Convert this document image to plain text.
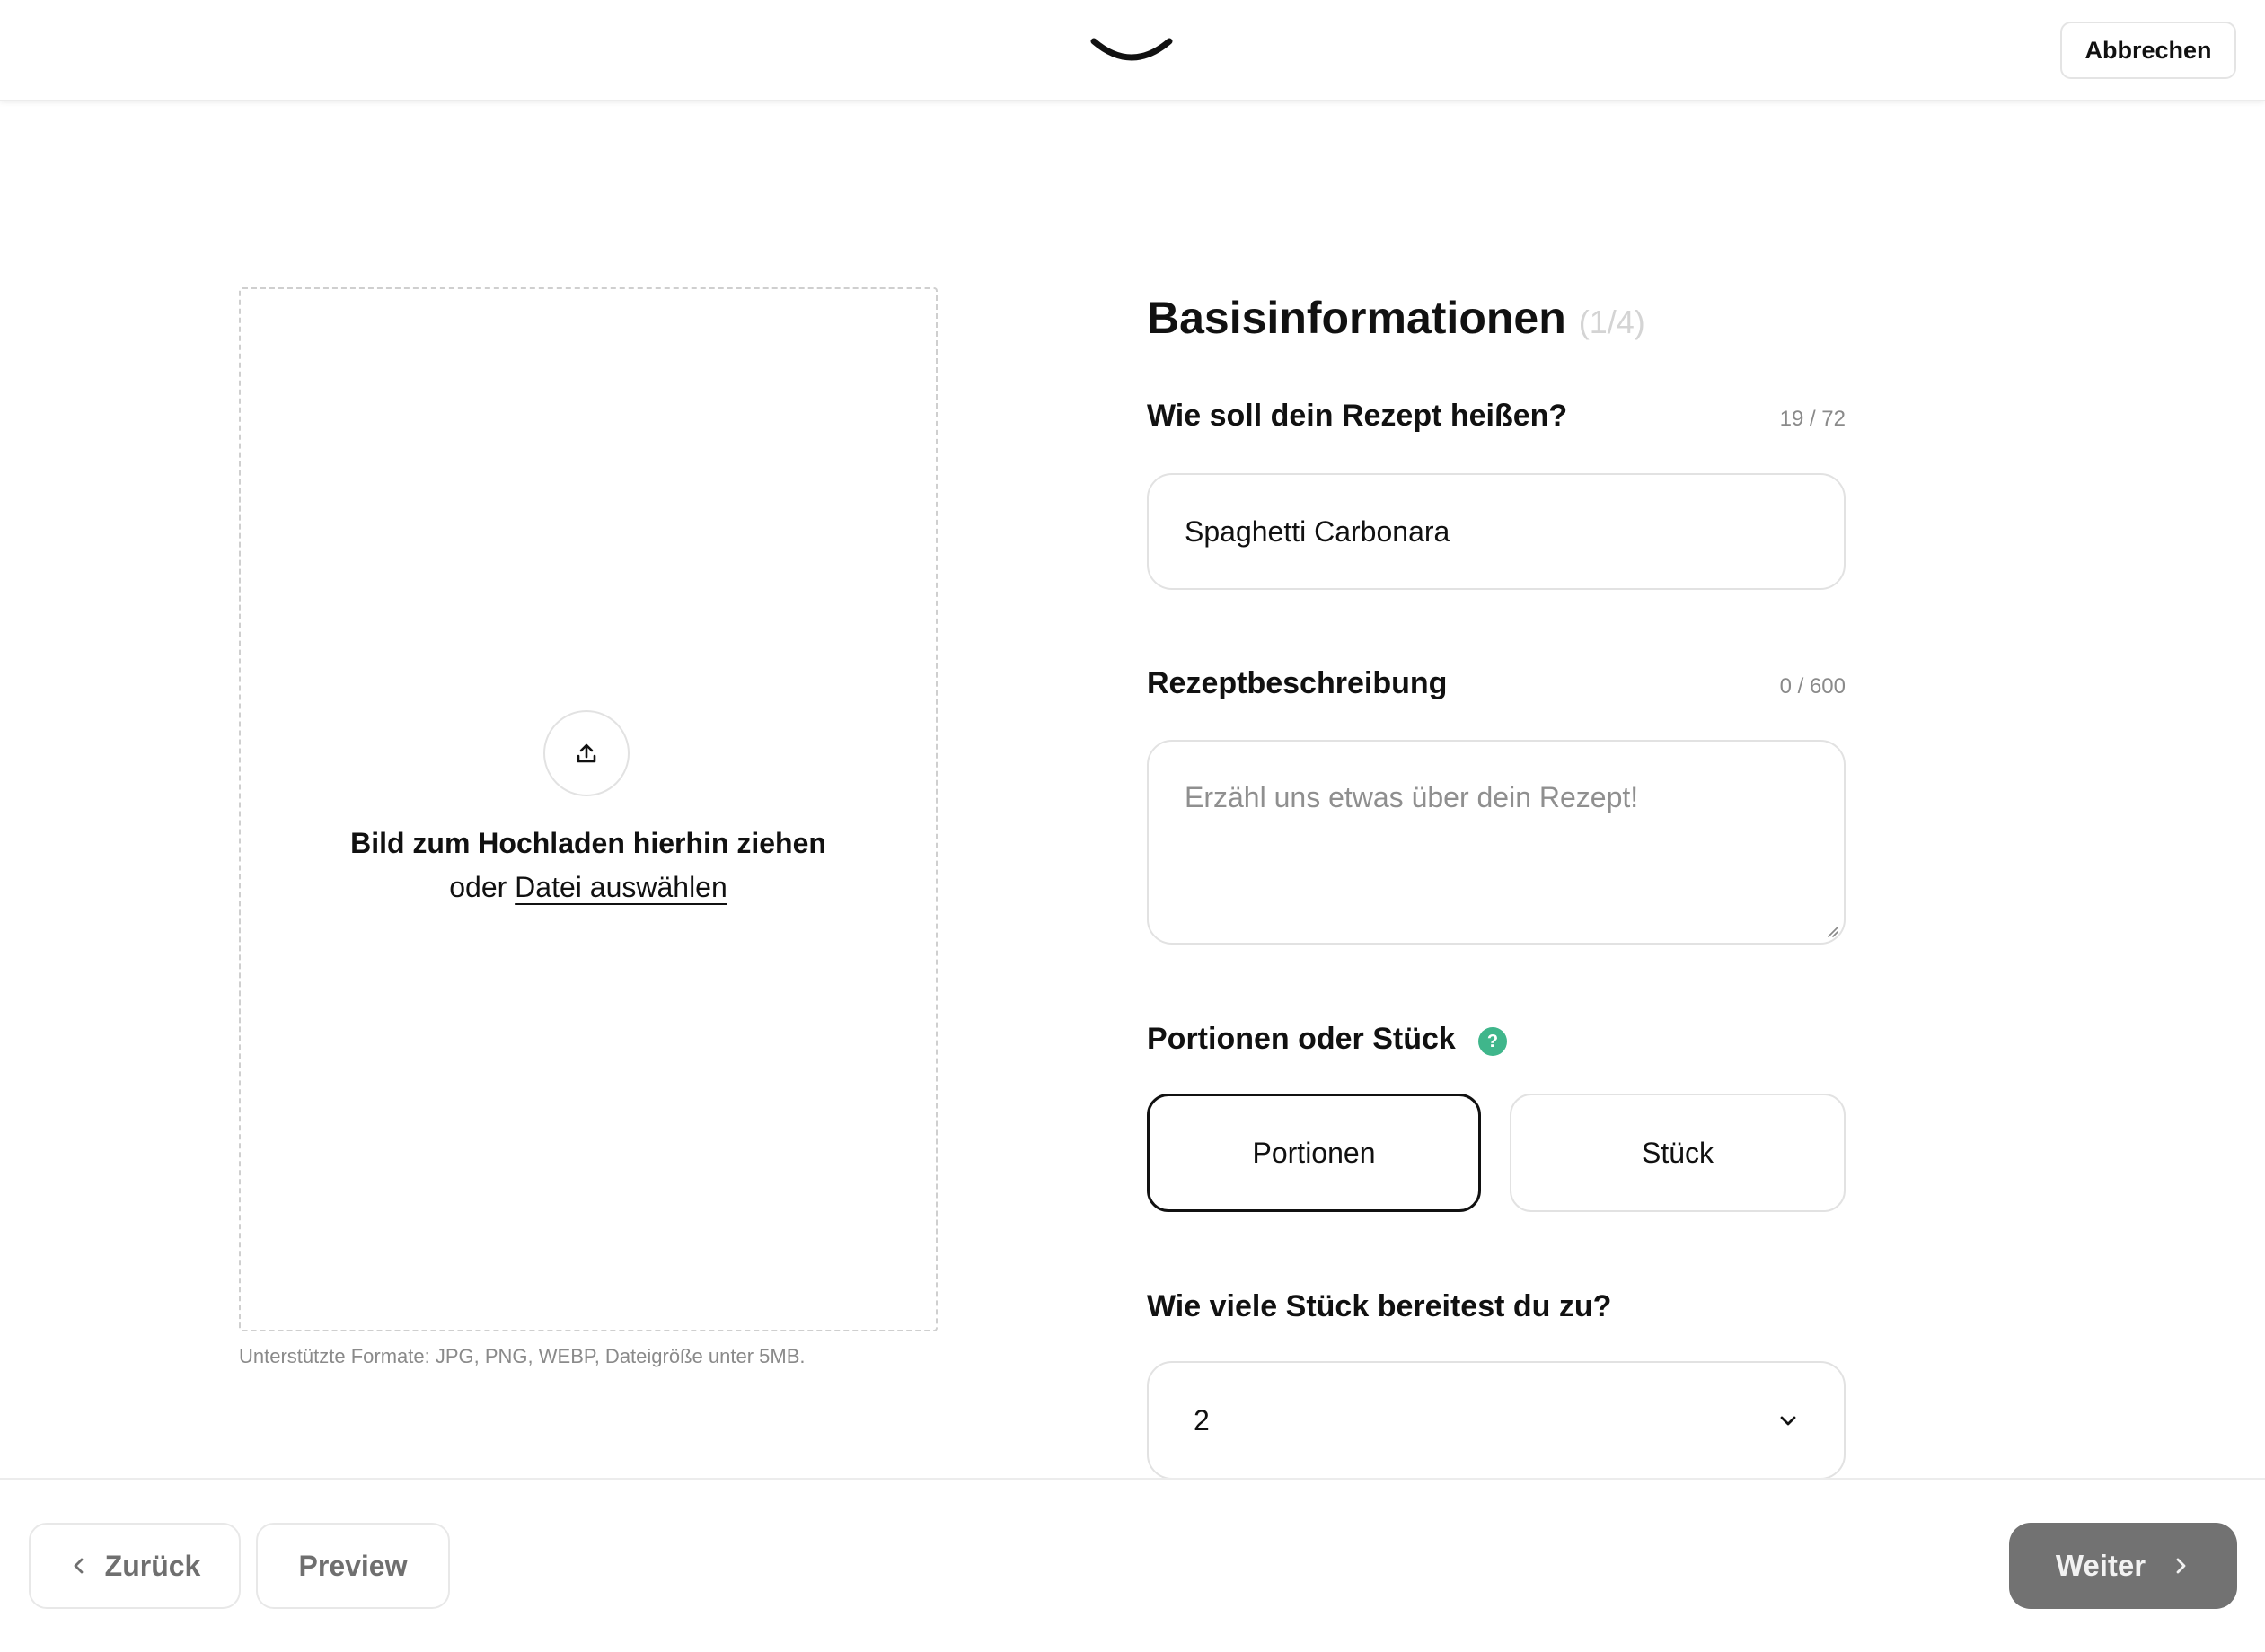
Abbrechen
Bild zum Hochladen hierhin ziehen
oder Datei auswählen
Unterstützte Formate: JPG, PNG, WEBP, Dateigröße unter 5MB.
Basisinformationen (1/4)
Wie soll dein Rezept heißen?	19 / 72
Spaghetti Carbonara
Rezeptbeschreibung	0 / 600
Erzähl uns etwas über dein Rezept!
Portionen oder Stück	?
Portionen	Stück
Wie viele Stück bereitest du zu?
2
Zurück	Preview	Weiter
